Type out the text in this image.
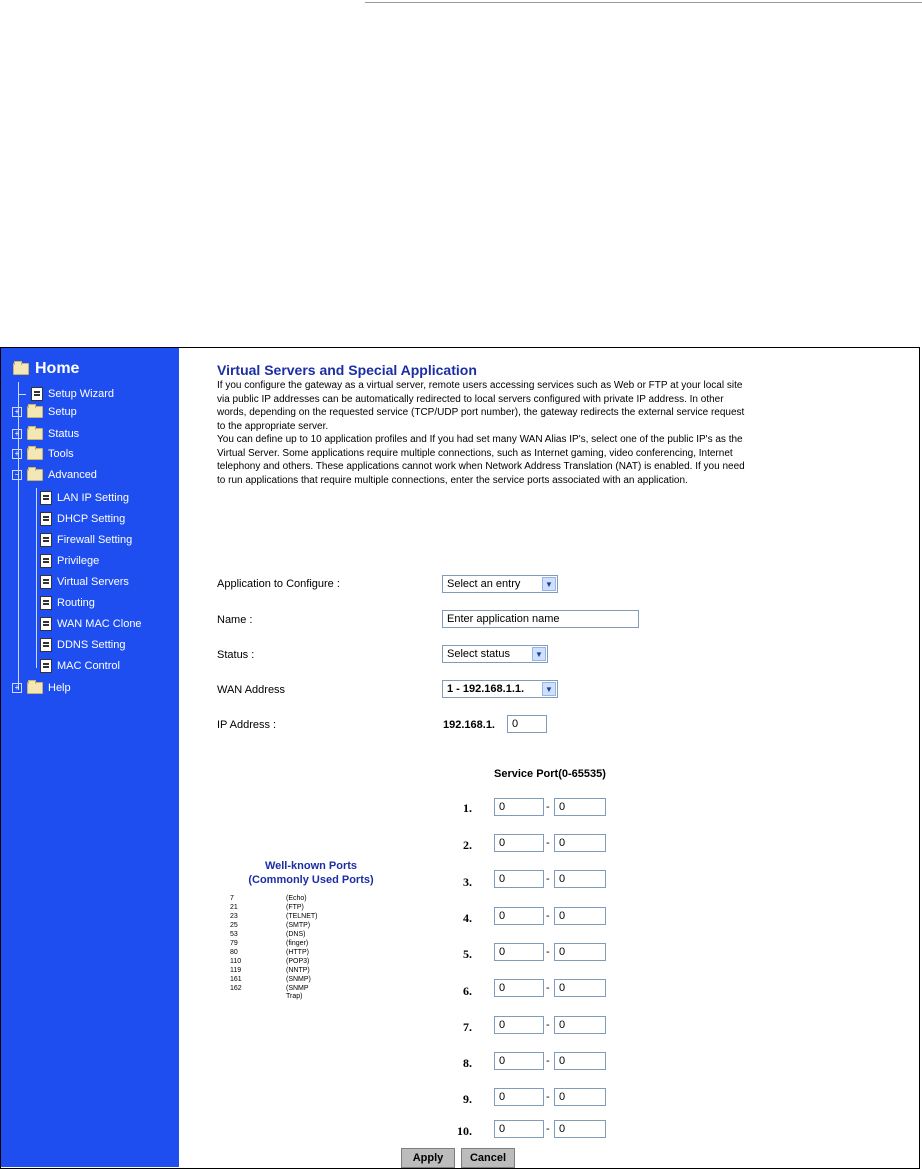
Home
Setup Wizard
+	Setup
+	Status
+	Tools
−	Advanced
LAN IP Setting
DHCP Setting
Firewall Setting
Privilege
Virtual Servers
Routing
WAN MAC Clone
DDNS Setting
MAC Control
+	Help
Virtual Servers and Special Application

If you configure the gateway as a virtual server, remote users accessing services such as Web or FTP at your local site via public IP addresses can be automatically redirected to local servers configured with private IP address. In other words, depending on the requested service (TCP/UDP port number), the gateway redirects the external service request to the appropriate server.

You can define up to 10 application profiles and If you had set many WAN Alias IP's, select one of the public IP's as the Virtual Server. Some applications require multiple connections, such as Internet gaming, video conferencing, Internet telephony and others. These applications cannot work when Network Address Translation (NAT) is enabled. If you need to run applications that require multiple connections, enter the service ports associated with an application.

Application to Configure :	Select an entry	▼
Name :	Enter application name
Status :	Select status	▼
WAN Address	1 - 192.168.1.1.	▼
IP Address :	192.168.1.	0
Service Port(0-65535)
1.	0	- 0
2.	0	- 0
3.	0	- 0
4.	0	- 0
5.	0	- 0
6.	0	- 0
7.	0	- 0
8.	0	- 0
9.	0	- 0
10.	0	- 0
Well-known Ports
(Commonly Used Ports)
7	(Echo)
21	(FTP)
23	(TELNET)
25	(SMTP)
53	(DNS)
79	(finger)
80	(HTTP)
110	(POP3)
119	(NNTP)
161	(SNMP)
162	(SNMP Trap)
Apply	Cancel
